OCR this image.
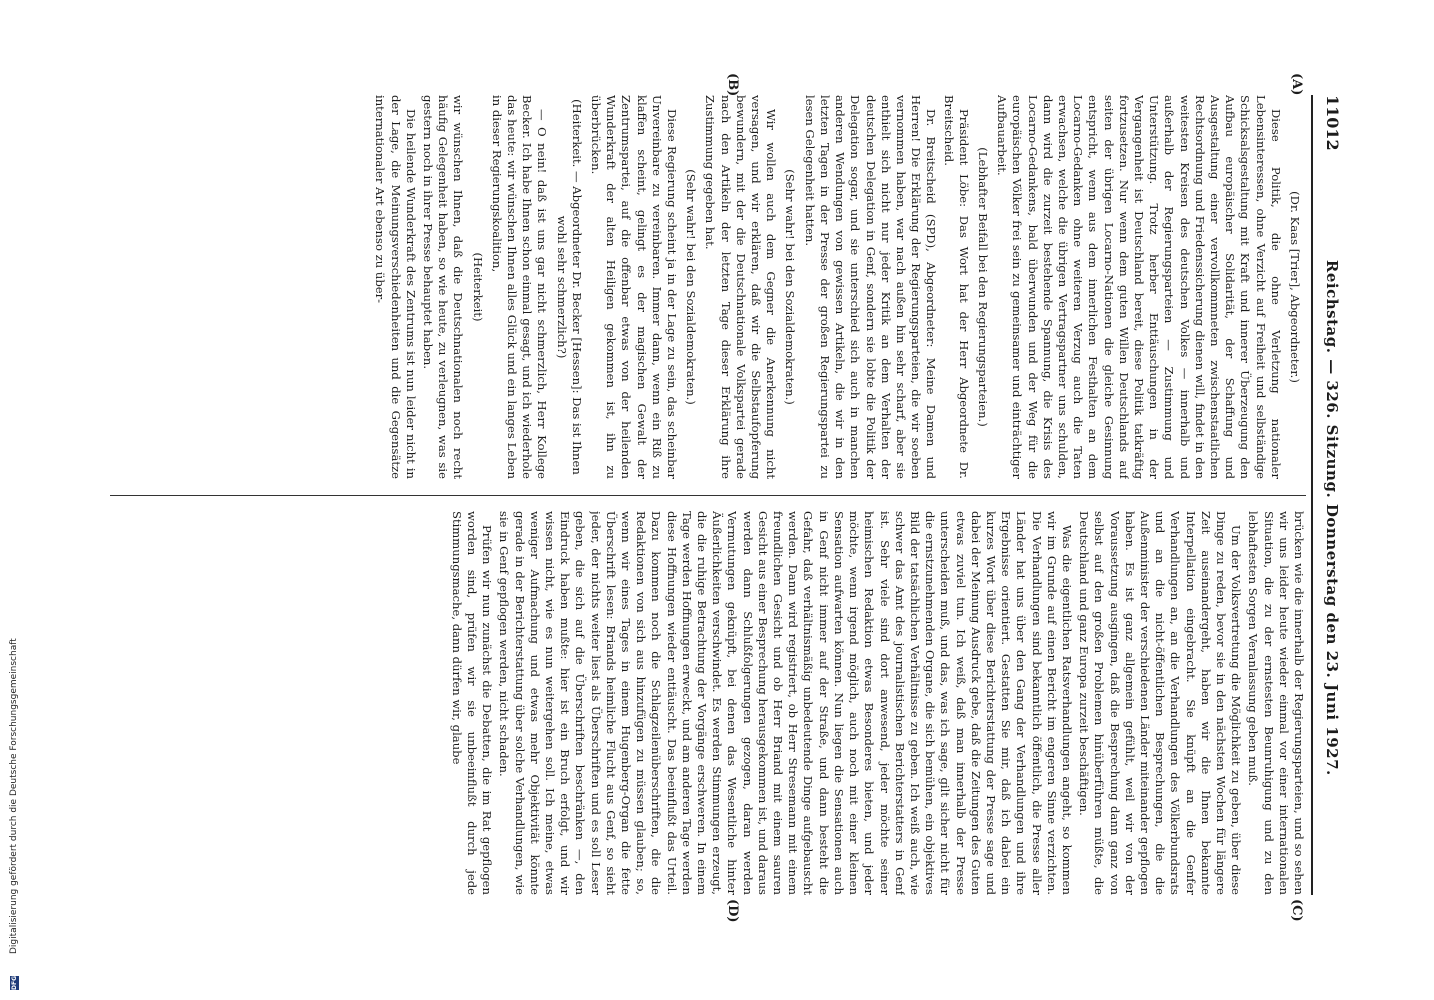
DFG
Digitalisierung gefördert durch die Deutsche Forschungsgemeinschaft
11012
Reichstag. — 326. Sitzung. Donnerstag den 23. Juni 1927.
(A)
(B)
(C)
(D)

(Dr. Kaas [Trier], Abgeordneter.)

Diese Politik, die ohne Verletzung nationaler Lebensinteressen, ohne Verzicht auf Freiheit und selbständige Schicksalsgestaltung mit Kraft und innerer Überzeugung den Aufbau europäischer Solidarität, der Schaffung und Ausgestaltung einer vervollkommneten zwischenstaatlichen Rechtsordnung und Friedenssicherung dienen will, findet in den weitesten Kreisen des deutschen Volkes — innerhalb und außerhalb der Regierungsparteien — Zustimmung und Unterstützung. Trotz herber Enttäuschungen in der Vergangenheit ist Deutschland bereit, diese Politik tatkräftig fortzusetzen. Nur wenn dem guten Willen Deutschlands auf seiten der übrigen Locarno-Nationen die gleiche Gesinnung entspricht, wenn aus dem innerlichen Festhalten an dem Locarno-Gedanken ohne weiteren Verzug auch die Taten erwachsen, welche die übrigen Vertragspartner uns schulden, dann wird die zurzeit bestehende Spannung, die Krisis des Locarno-Gedankens, bald überwunden und der Weg für die europäischen Völker frei sein zu gemeinsamer und einträchtiger Aufbauarbeit.

(Lebhafter Beifall bei den Regierungsparteien.)

Präsident Löbe: Das Wort hat der Herr Abgeordnete Dr. Breitscheid.

Dr. Breitscheid (SPD), Abgeordneter: Meine Damen und Herren! Die Erklärung der Regierungsparteien, die wir soeben vernommen haben, war nach außen hin sehr scharf, aber sie enthielt sich nicht nur jeder Kritik an dem Verhalten der deutschen Delegation in Genf, sondern sie lobte die Politik der Delegation sogar, und sie unterschied sich auch in manchen anderen Wendungen von gewissen Artikeln, die wir in den letzten Tagen in der Presse der großen Regierungspartei zu lesen Gelegenheit hatten.

(Sehr wahr! bei den Sozialdemokraten.)

Wir wollen auch dem Gegner die Anerkennung nicht versagen, und wir erklären, daß wir die Selbstaufopferung bewundern, mit der die Deutschnationale Volkspartei gerade nach den Artikeln der letzten Tage dieser Erklärung ihre Zustimmung gegeben hat.

(Sehr wahr! bei den Sozialdemokraten.)

Diese Regierung scheint ja in der Lage zu sein, das scheinbar Unvereinbare zu vereinbaren. Immer dann, wenn ein Riß zu klaffen scheint, gelingt es der magischen Gewalt der Zentrumspartei, auf die offenbar etwas von der heilenden Wunderkraft der alten Heiligen gekommen ist, ihn zu überbrücken.

(Heiterkeit. — Abgeordneter Dr. Becker [Hessen]: Das ist Ihnen wohl sehr schmerzlich?)

— O nein! daß ist uns gar nicht schmerzlich, Herr Kollege Becker. Ich habe Ihnen schon einmal gesagt, und ich wiederhole das heute: wir wünschen Ihnen alles Glück und ein langes Leben in dieser Regierungskoalition,

(Heiterkeit)

wir wünschen Ihnen, daß die Deutschnationalen noch recht häufig Gelegenheit haben, so wie heute, zu verleugnen, was sie gestern noch in ihrer Presse behauptet haben.

Die heilende Wunderkraft des Zentrums ist nun leider nicht in der Lage, die Meinungsverschiedenheiten und die Gegensätze internationaler Art ebenso zu über-

brücken wie die innerhalb der Regierungsparteien, und so sehen wir uns leider heute wieder einmal vor einer internationalen Situation, die zu der ernstesten Beunruhigung und zu den lebhaftesten Sorgen Veranlassung geben muß.

Um der Volksvertretung die Möglichkeit zu geben, über diese Dinge zu reden, bevor sie in den nächsten Wochen für längere Zeit auseinandergeht, haben wir die Ihnen bekannte Interpellation eingebracht. Sie knüpft an die Genfer Verhandlungen an, an die Verhandlungen des Völkerbundsrats und an die nicht-öffentlichen Besprechungen, die die Außenminister der verschiedenen Länder miteinander gepflogen haben. Es ist ganz allgemein gefühlt, weil wir von der Voraussetzung ausgingen, daß die Besprechung dann ganz von selbst auf den großen Problemen hinüberführen müßte, die Deutschland und ganz Europa zurzeit beschäftigen.

Was die eigentlichen Ratsverhandlungen angeht, so kommen wir im Grunde auf einen Bericht im engeren Sinne verzichten. Die Verhandlungen sind bekanntlich öffentlich, die Presse aller Länder hat uns über den Gang der Verhandlungen und ihre Ergebnisse orientiert. Gestatten Sie mir, daß ich dabei ein kurzes Wort über diese Berichterstattung der Presse sage und dabei der Meinung Ausdruck gebe, daß die Zeitungen des Guten etwas zuviel tun. Ich weiß, daß man innerhalb der Presse unterscheiden muß, und das, was ich sage, gilt sicher nicht für die ernstzunehmenden Organe, die sich bemühen, ein objektives Bild der tatsächlichen Verhältnisse zu geben. Ich weiß auch, wie schwer das Amt des journalistischen Berichterstatters in Genf ist. Sehr viele sind dort anwesend, jeder möchte seiner heimischen Redaktion etwas Besonderes bieten, und jeder möchte, wenn irgend möglich, auch noch mit einer kleinen Sensation aufwarten können. Nun liegen die Sensationen auch in Genf nicht immer auf der Straße, und dann besteht die Gefahr, daß verhältnismäßig unbedeutende Dinge aufgebauscht werden. Dann wird registriert, ob Herr Stresemann mit einem freundlichen Gesicht und ob Herr Briand mit einem sauren Gesicht aus einer Besprechung herausgekommen ist, und daraus werden dann Schlußfolgerungen gezogen, daran werden Vermutungen geknüpft, bei denen das Wesentliche hinter Äußerlichkeiten verschwindet. Es werden Stimmungen erzeugt, die die ruhige Betrachtung der Vorgänge erschweren. In einem Tage werden Hoffnungen erweckt, und am anderen Tage werden diese Hoffnungen wieder enttäuscht. Das beeinflußt das Urteil. Dazu kommen noch die Schlagzeilenüberschriften, die die Redaktionen von sich aus hinzufügen zu müssen glauben; so, wenn wir eines Tages in einem Hugenberg-Organ die fette Überschrift lesen: Briands heimliche Flucht aus Genf, so sieht jeder, der nichts weiter liest als Überschriften und es soll Leser geben, die sich auf die Überschriften beschränken —, den Eindruck haben mußte: hier ist ein Bruch erfolgt, und wir wissen nicht, wie es nun weitergehen soll. Ich meine, etwas weniger Aufmachung und etwas mehr Objektivität könnte gerade in der Berichterstattung über solche Verhandlungen, wie sie in Genf gepflogen werden, nicht schaden.

Prüfen wir nun zunächst die Debatten, die im Rat gepflogen worden sind, prüfen wir sie unbeeinflußt durch jede Stimmungsmache, dann dürfen wir, glaube
